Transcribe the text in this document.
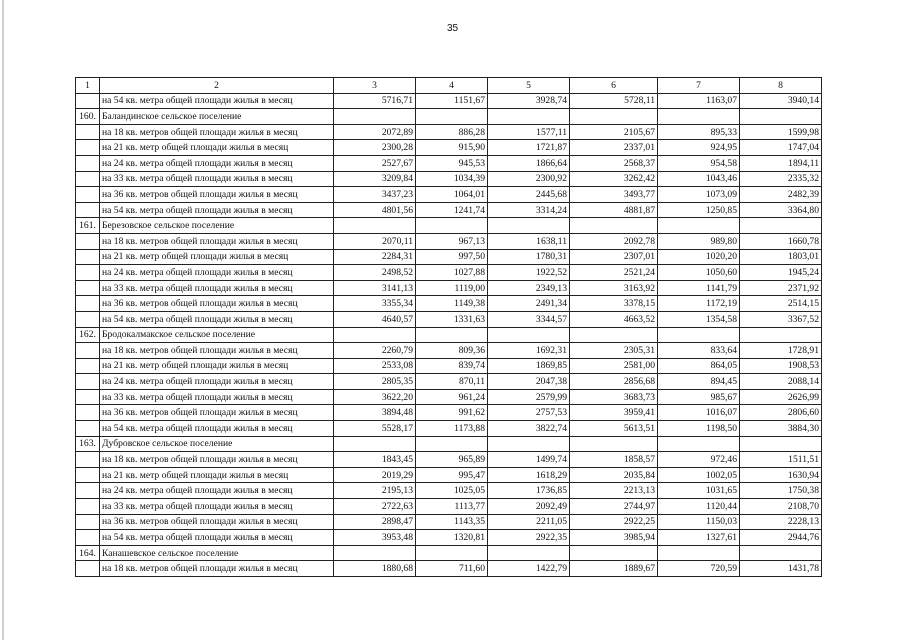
35
1	2	3	4	5	6	7	8
	на 54 кв. метра общей площади жилья в месяц	5716,71	1151,67	3928,74	5728,11	1163,07	3940,14
160.	Баландинское сельское поселение						
	на 18 кв. метров общей площади жилья в месяц	2072,89	886,28	1577,11	2105,67	895,33	1599,98
	на 21 кв. метр общей площади жилья в месяц	2300,28	915,90	1721,87	2337,01	924,95	1747,04
	на 24 кв. метра общей площади жилья в месяц	2527,67	945,53	1866,64	2568,37	954,58	1894,11
	на 33 кв. метра общей площади жилья в месяц	3209,84	1034,39	2300,92	3262,42	1043,46	2335,32
	на 36 кв. метров общей площади жилья в месяц	3437,23	1064,01	2445,68	3493,77	1073,09	2482,39
	на 54 кв. метра общей площади жилья в месяц	4801,56	1241,74	3314,24	4881,87	1250,85	3364,80
161.	Березовское сельское поселение						
	на 18 кв. метров общей площади жилья в месяц	2070,11	967,13	1638,11	2092,78	989,80	1660,78
	на 21 кв. метр общей площади жилья в месяц	2284,31	997,50	1780,31	2307,01	1020,20	1803,01
	на 24 кв. метра общей площади жилья в месяц	2498,52	1027,88	1922,52	2521,24	1050,60	1945,24
	на 33 кв. метра общей площади жилья в месяц	3141,13	1119,00	2349,13	3163,92	1141,79	2371,92
	на 36 кв. метров общей площади жилья в месяц	3355,34	1149,38	2491,34	3378,15	1172,19	2514,15
	на 54 кв. метра общей площади жилья в месяц	4640,57	1331,63	3344,57	4663,52	1354,58	3367,52
162.	Бродокалмакское сельское поселение						
	на 18 кв. метров общей площади жилья в месяц	2260,79	809,36	1692,31	2305,31	833,64	1728,91
	на 21 кв. метр общей площади жилья в месяц	2533,08	839,74	1869,85	2581,00	864,05	1908,53
	на 24 кв. метра общей площади жилья в месяц	2805,35	870,11	2047,38	2856,68	894,45	2088,14
	на 33 кв. метра общей площади жилья в месяц	3622,20	961,24	2579,99	3683,73	985,67	2626,99
	на 36 кв. метров общей площади жилья в месяц	3894,48	991,62	2757,53	3959,41	1016,07	2806,60
	на 54 кв. метра общей площади жилья в месяц	5528,17	1173,88	3822,74	5613,51	1198,50	3884,30
163.	Дубровское сельское поселение						
	на 18 кв. метров общей площади жилья в месяц	1843,45	965,89	1499,74	1858,57	972,46	1511,51
	на 21 кв. метр общей площади жилья в месяц	2019,29	995,47	1618,29	2035,84	1002,05	1630,94
	на 24 кв. метра общей площади жилья в месяц	2195,13	1025,05	1736,85	2213,13	1031,65	1750,38
	на 33 кв. метра общей площади жилья в месяц	2722,63	1113,77	2092,49	2744,97	1120,44	2108,70
	на 36 кв. метров общей площади жилья в месяц	2898,47	1143,35	2211,05	2922,25	1150,03	2228,13
	на 54 кв. метра общей площади жилья в месяц	3953,48	1320,81	2922,35	3985,94	1327,61	2944,76
164.	Канашевское сельское поселение						
	на 18 кв. метров общей площади жилья в месяц	1880,68	711,60	1422,79	1889,67	720,59	1431,78
